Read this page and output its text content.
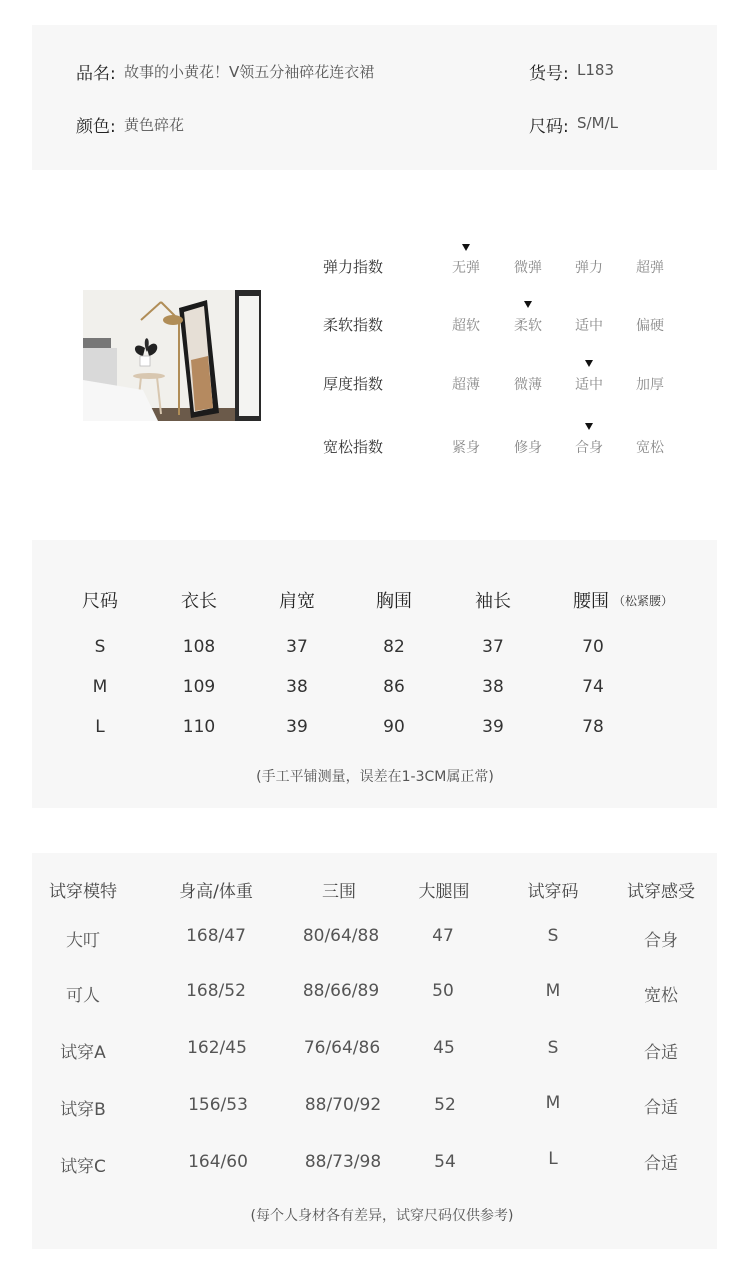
品名: 故事的小黄花！V领五分袖碎花连衣裙	货号: L183
颜色: 黄色碎花	尺码: S/M/L
弹力指数	无弹 微弹 弹力 超弹
柔软指数	超软 柔软 适中 偏硬
厚度指数	超薄 微薄 适中 加厚
宽松指数	紧身 修身 合身 宽松
尺码	衣长	肩宽	胸围	袖长	腰围 （松紧腰）
S	108	37	82	37	70
M	109	38	86	38	74
L	110	39	90	39	78
(手工平铺测量，误差在1-3CM属正常)
试穿模特	身高/体重	三围	大腿围	试穿码	试穿感受
大叮	168/47	80/64/88	47	S	合身
可人	168/52	88/66/89	50	M	宽松
试穿A	162/45	76/64/86	45	S	合适
试穿B	156/53	88/70/92	52	M	合适
试穿C	164/60	88/73/98	54	L	合适
(每个人身材各有差异，试穿尺码仅供参考)
